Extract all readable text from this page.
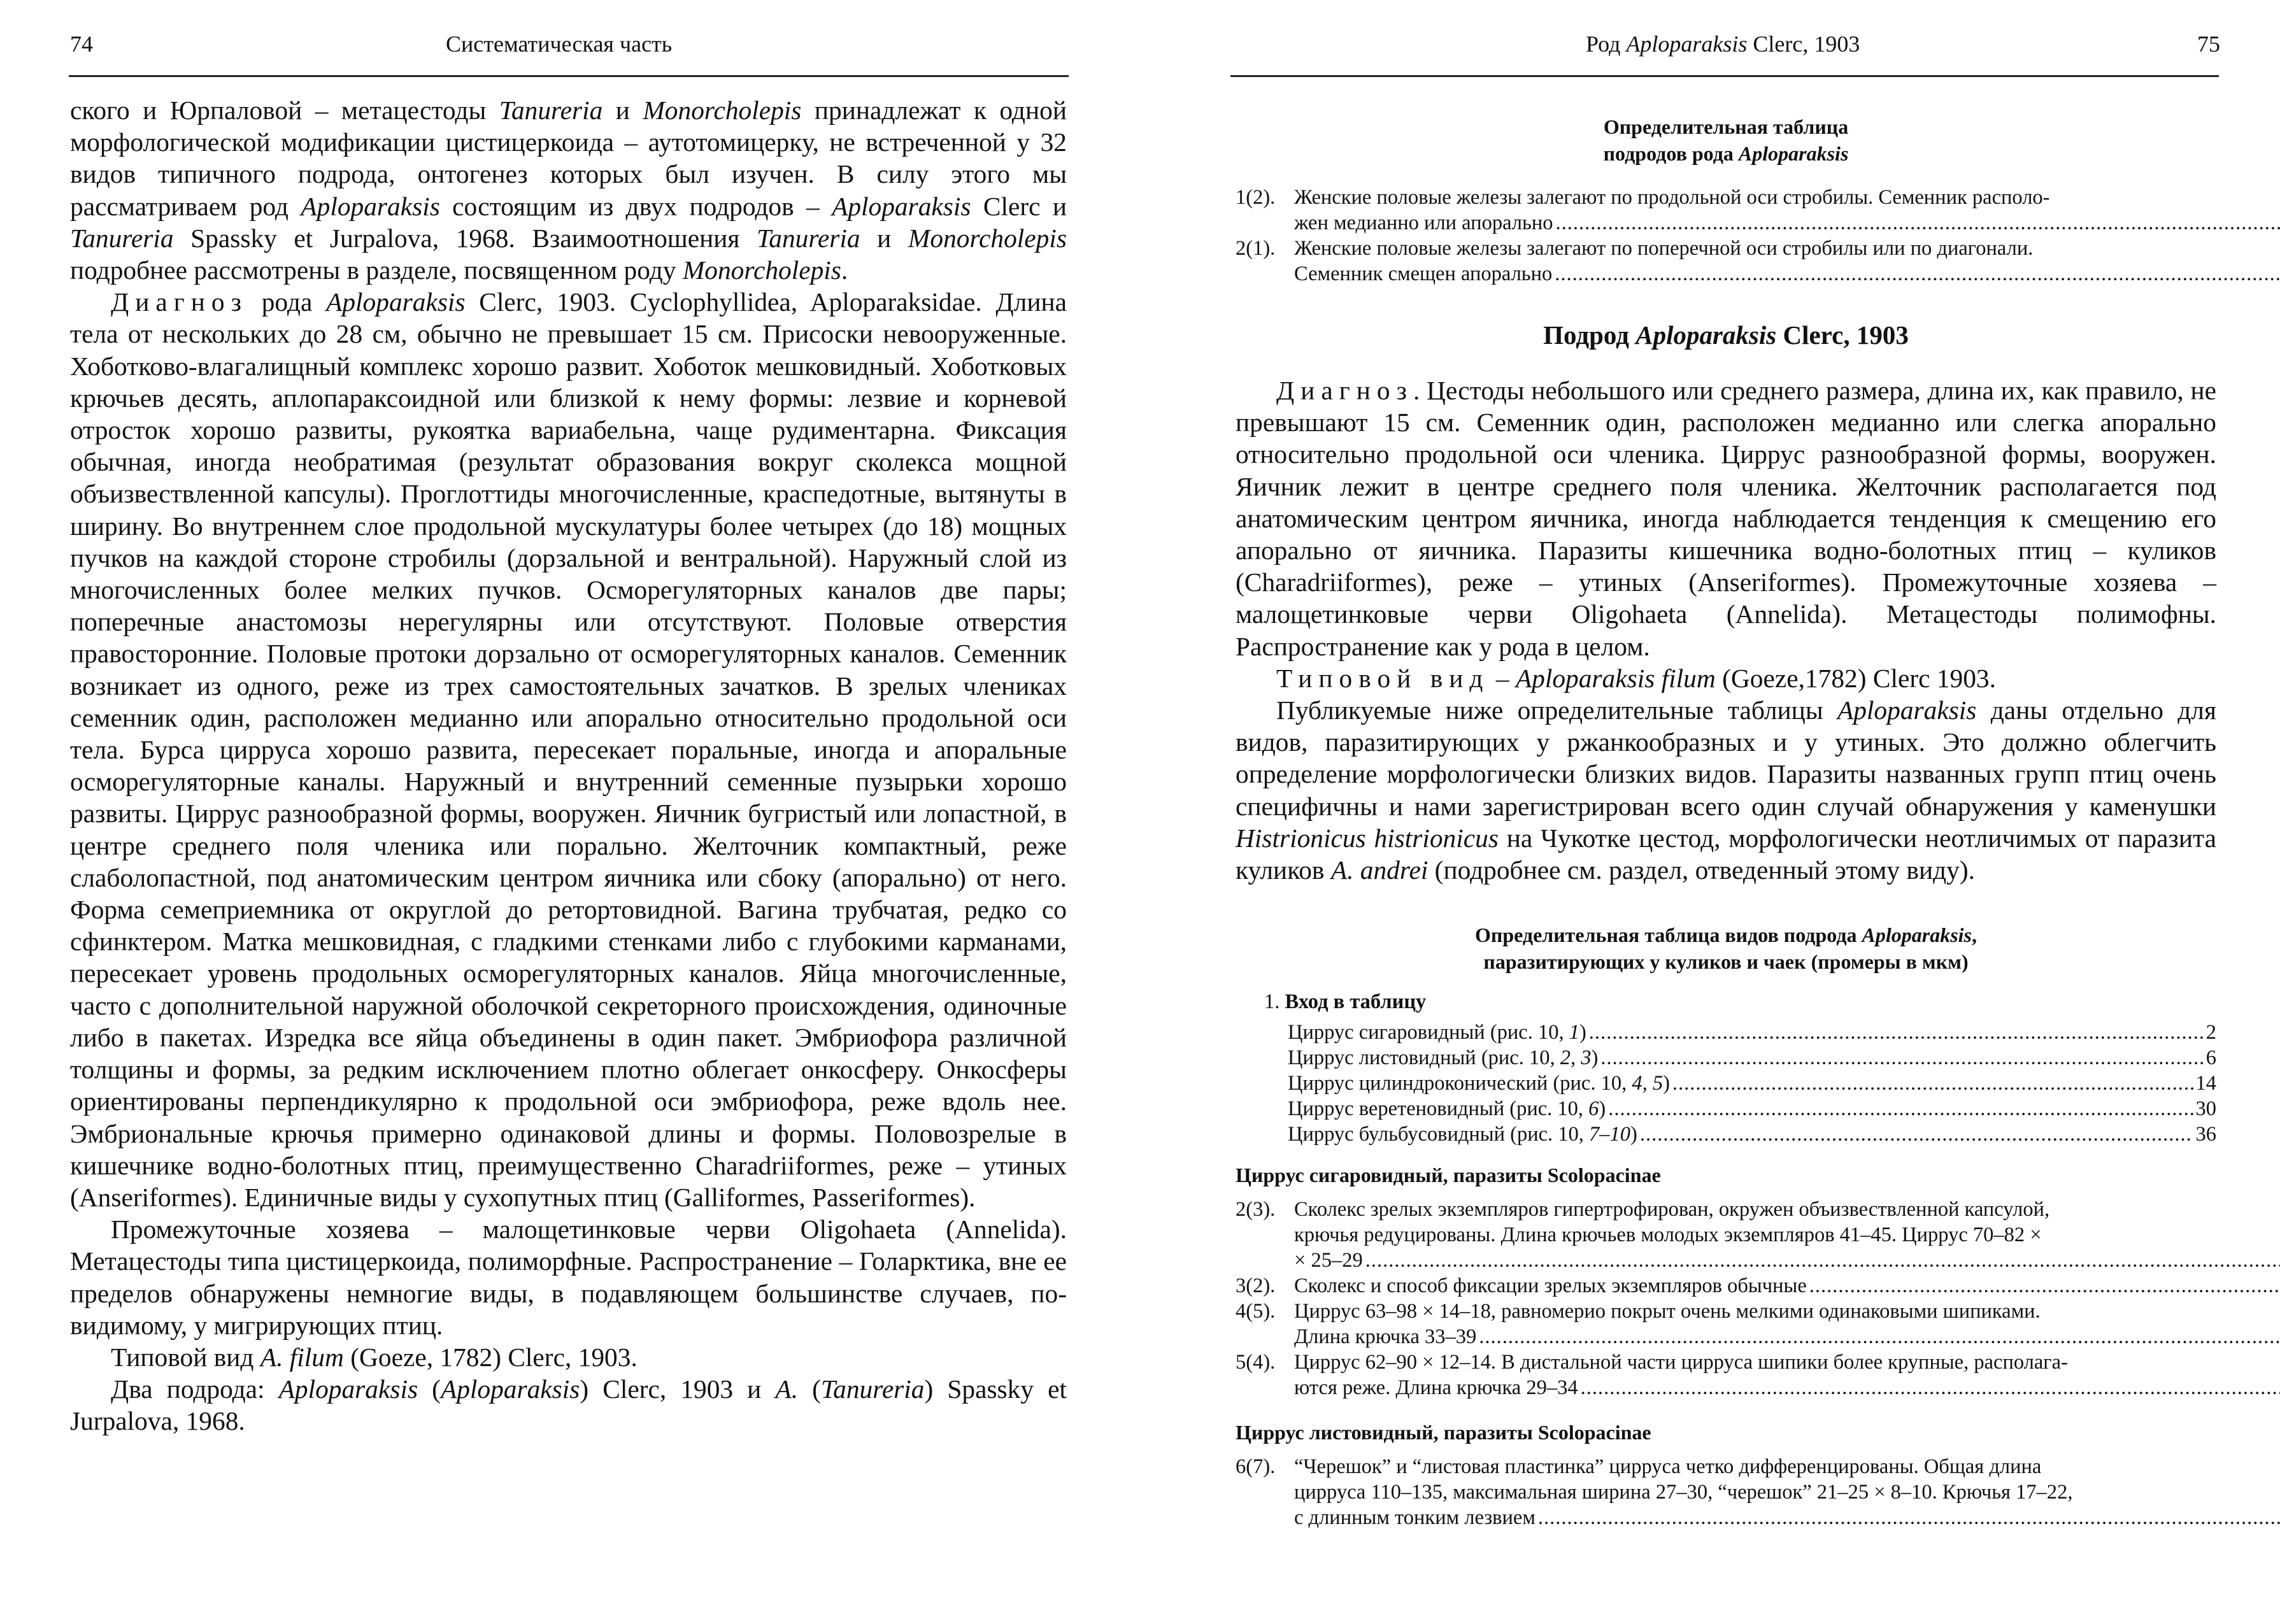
74	Систематическая часть

ского и Юрпаловой – метацестоды Tanureria и Monorcholepis принадлежат к одной морфологической модификации цистицеркоида – аутотомицерку, не встреченной у 32 видов типичного подрода, онтогенез которых был изучен. В силу этого мы рассматриваем род Aploparaksis состоящим из двух подродов – Aploparaksis Clerc и Tanureria Spassky et Jurpalova, 1968. Взаимоотношения Tanureria и Monorcholepis подробнее рассмотрены в разделе, посвященном роду Monorcholepis.

Диагноз рода Aploparaksis Clerc, 1903. Cyclophyllidea, Aploparaksidae. Длина тела от нескольких до 28 см, обычно не превышает 15 см. Присоски невооруженные. Хоботково-влагалищный комплекс хорошо развит. Хоботок мешковидный. Хоботковых крючьев десять, аплопараксоидной или близкой к нему формы: лезвие и корневой отросток хорошо развиты, рукоятка вариабельна, чаще рудиментарна. Фиксация обычная, иногда необратимая (результат образования вокруг сколекса мощной объизвествленной капсулы). Проглоттиды многочисленные, краспедотные, вытянуты в ширину. Во внутреннем слое продольной мускулатуры более четырех (до 18) мощных пучков на каждой стороне стробилы (дорзальной и вентральной). Наружный слой из многочисленных более мелких пучков. Осморегуляторных каналов две пары; поперечные анастомозы нерегулярны или отсутствуют. Половые отверстия правосторонние. Половые протоки дорзально от осморегуляторных каналов. Семенник возникает из одного, реже из трех самостоятельных зачатков. В зрелых члениках семенник один, расположен медианно или апорально относительно продольной оси тела. Бурса цирруса хорошо развита, пересекает поральные, иногда и апоральные осморегуляторные каналы. Наружный и внутренний семенные пузырьки хорошо развиты. Циррус разнообразной формы, вооружен. Яичник бугристый или лопастной, в центре среднего поля членика или порально. Желточник компактный, реже слаболопастной, под анатомическим центром яичника или сбоку (апорально) от него. Форма семеприемника от округлой до ретортовидной. Вагина трубчатая, редко со сфинктером. Матка мешковидная, с гладкими стенками либо с глубокими карманами, пересекает уровень продольных осморегуляторных каналов. Яйца многочисленные, часто с дополнительной наружной оболочкой секреторного происхождения, одиночные либо в пакетах. Изредка все яйца объединены в один пакет. Эмбриофора различной толщины и формы, за редким исключением плотно облегает онкосферу. Онкосферы ориентированы перпендикулярно к продольной оси эмбриофора, реже вдоль нее. Эмбриональные крючья примерно одинаковой длины и формы. Половозрелые в кишечнике водно-болотных птиц, преимущественно Charadriiformes, реже – утиных (Anseriformes). Единичные виды у сухопутных птиц (Galliformes, Passeriformes).

Промежуточные хозяева – малощетинковые черви Oligohaeta (Annelida). Метацестоды типа цистицеркоида, полиморфные. Распространение – Голарктика, вне ее пределов обнаружены немногие виды, в подавляющем большинстве случаев, по-видимому, у мигрирующих птиц.

Типовой вид A. filum (Goeze, 1782) Clerc, 1903.

Два подрода: Aploparaksis (Aploparaksis) Clerc, 1903 и A. (Tanureria) Spassky et Jurpalova, 1968.

Род Aploparaksis Clerc, 1903	75

Определительная таблица

подродов рода Aploparaksis

1(2). Женские половые железы залегают по продольной оси стробилы. Семенник располо-
жен медианно или апорально
.....
2(1). Женские половые железы залегают по поперечной оси стробилы или по диагонали.
Семенник смещен апорально
.....

Подрод Aploparaksis Clerc, 1903

Диагноз. Цестоды небольшого или среднего размера, длина их, как правило, не превышают 15 см. Семенник один, расположен медианно или слегка апорально относительно продольной оси членика. Циррус разнообразной формы, вооружен. Яичник лежит в центре среднего поля членика. Желточник располагается под анатомическим центром яичника, иногда наблюдается тенденция к смещению его апорально от яичника. Паразиты кишечника водно-болотных птиц – куликов (Charadriiformes), реже – утиных (Anseriformes). Промежуточные хозяева – малощетинковые черви Oligohaeta (Annelida). Метацестоды полимофны. Распространение как у рода в целом.

Типовой вид – Aploparaksis filum (Goeze,1782) Clerc 1903.

Публикуемые ниже определительные таблицы Aploparaksis даны отдельно для видов, паразитирующих у ржанкообразных и у утиных. Это должно облегчить определение морфологически близких видов. Паразиты названных групп птиц очень специфичны и нами зарегистрирован всего один случай обнаружения у каменушки Histrionicus histrionicus на Чукотке цестод, морфологически неотличимых от паразита куликов A. andrei (подробнее см. раздел, отведенный этому виду).

Определительная таблица видов подрода Aploparaksis,

паразитирующих у куликов и чаек (промеры в мкм)

1. Вход в таблицу
Циррус сигаровидный (рис. 10, 1) .....	2
Циррус листовидный (рис. 10, 2, 3) .....	6
Циррус цилиндроконический (рис. 10, 4, 5) .....	14
Циррус веретеновидный (рис. 10, 6) .....	30
Циррус бульбусовидный (рис. 10, 7–10) .....	36

Циррус сигаровидный, паразиты Scolopacinae

2(3). Сколекс зрелых экземпляров гипертрофирован, окружен объизвествленной капсулой,
крючья редуцированы. Длина крючьев молодых экземпляров 41–45. Циррус 70–82 ×
× 25–29
.....
3(2). Сколекс и способ фиксации зрелых экземпляров обычные
.....
4(5). Циррус 63–98 × 14–18, равномерио покрыт очень мелкими одинаковыми шипиками.
Длина крючка 33–39
.....
5(4). Циррус 62–90 × 12–14. В дистальной части цирруса шипики более крупные, располага-
ются реже. Длина крючка 29–34
.....

Циррус листовидный, паразиты Scolopacinae

6(7). “Черешок” и “листовая пластинка” цирруса четко дифференцированы. Общая длина
цирруса 110–135, максимальная ширина 27–30, “черешок” 21–25 × 8–10. Крючья 17–22,
с длинным тонким лезвием
.....
